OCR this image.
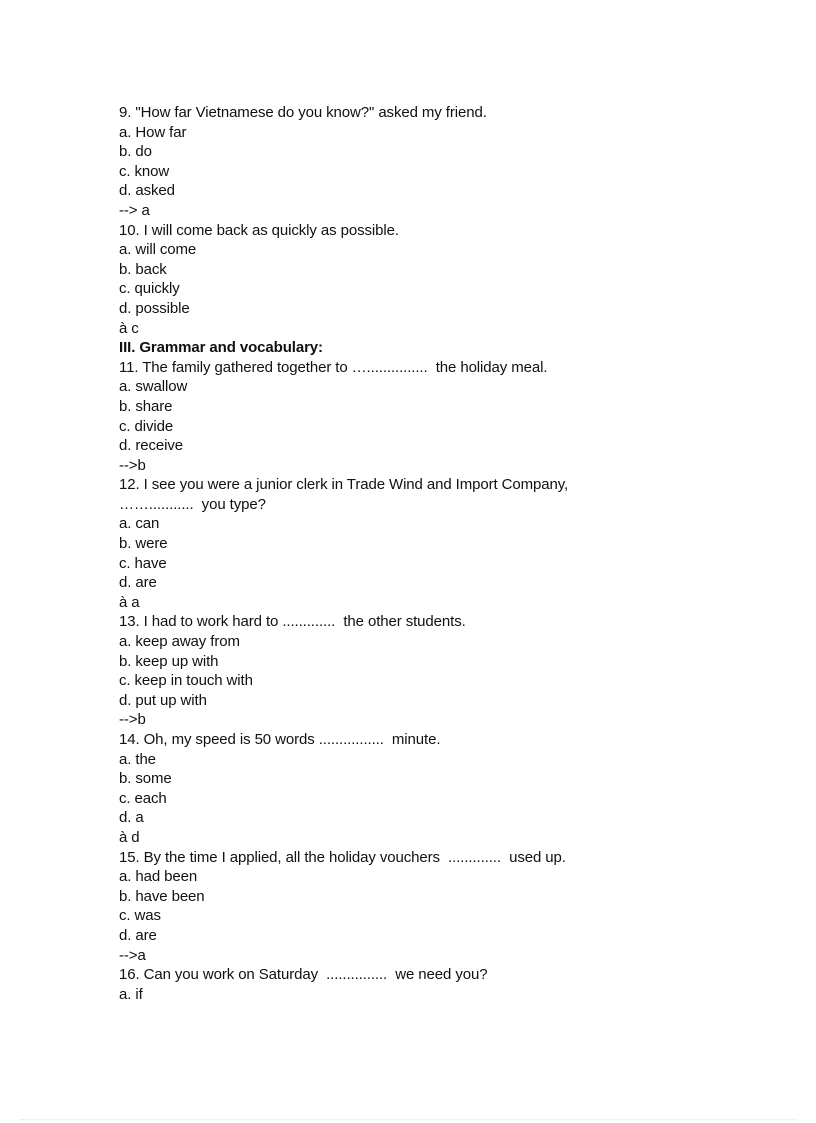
9. "How far Vietnamese do you know?" asked my friend.
a. How far
b. do
c. know
d. asked
--> a
10. I will come back as quickly as possible.
a. will come
b. back
c. quickly
d. possible
à c
III. Grammar and vocabulary:
11. The family gathered together to …...............  the holiday meal.
a. swallow
b. share
c. divide
d. receive
-->b
12. I see you were a junior clerk in Trade Wind and Import Company,
……...........  you type?
a. can
b. were
c. have
d. are
à a
13. I had to work hard to .............  the other students.
a. keep away from
b. keep up with
c. keep in touch with
d. put up with
-->b
14. Oh, my speed is 50 words ................  minute.
a. the
b. some
c. each
d. a
à d
15. By the time I applied, all the holiday vouchers  .............  used up.
a. had been
b. have been
c. was
d. are
-->a
16. Can you work on Saturday  ...............  we need you?
a. if
